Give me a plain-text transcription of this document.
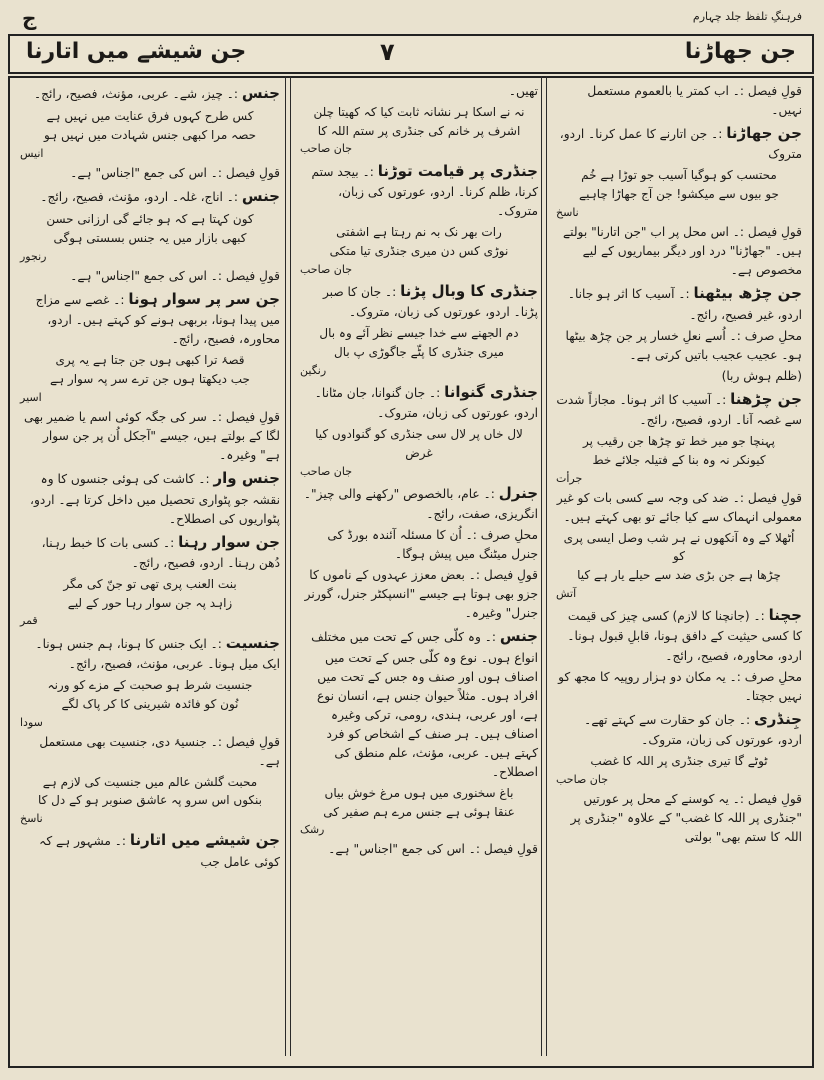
فرہنگِ تلفظ جلد چہارم
ج
جن جھاڑنا
۷
جن شیشے میں اتارنا
قولِ فیصل :۔ اب کمتر یا بالعموم مستعمل نہیں۔
جن جھاڑنا :۔ جن اتارنے کا عمل کرنا۔ اردو، متروک
محتسب کو ہوگیا آسیب جو توڑا ہے خُم
جو بیوں سے میکشو! جن آج جھاڑا چاہیے
ناسخ
قولِ فیصل :۔ اس محل پر اب "جن اتارنا" بولتے ہیں۔ "جھاڑنا" درد اور دیگر بیماریوں کے لیے مخصوص ہے۔
جن چڑھ بیٹھنا :۔ آسیب کا اثر ہو جانا۔ اردو، غیر فصیح، رائج۔
محلِ صرف :۔ اُسے نعلِ خسار پر جن چڑھ بیٹھا ہو۔ عجیب عجیب باتیں کرتی ہے۔
(ظلم ہوش ربا)
جن چڑھنا :۔ آسیب کا اثر ہونا۔ مجازاً شدت سے غصہ آنا۔ اردو، فصیح، رائج۔
پہنچا جو میر خط تو چڑھا جن رقیب پر
کیونکر نہ وہ بنا کے فتیلہ جلائے خط
جرأت
قولِ فیصل :۔ ضد کی وجہ سے کسی بات کو غیر معمولی انہماک سے کیا جائے تو بھی کہتے ہیں۔
اُٹھلا کے وہ آنکھوں نے ہر شب وصل ایسی پری کو
چڑھا ہے جن بڑی ضد سے حیلے یار ہے کیا
آتش
جچنا :۔ (جانچنا کا لازم) کسی چیز کی قیمت کا کسی حیثیت کے دافق ہونا، قابلِ قبول ہونا۔ اردو، محاورہ، فصیح، رائج۔
محلِ صرف :۔ یہ مکان دو ہزار روپیہ کا مجھ کو نہیں جچتا۔
جِنڈری :۔ جان کو حقارت سے کہتے تھے۔ اردو، عورتوں کی زبان، متروک۔
ٹوٹے گا تیری جنڈری پر اللہ کا غضب
جان صاحب
قولِ فیصل :۔ یہ کوسنے کے محل پر عورتیں "جنڈری پر اللہ کا غضب" کے علاوہ "جنڈری پر اللہ کا ستم بھی" بولتی
تھیں۔
نہ نے اسکا ہر نشانہ ثابت کیا کہ کھیتا چلن
اشرف پر خانم کی جنڈری پر ستم اللہ کا
جان صاحب
جنڈری پر قیامت توڑنا :۔ بیجد ستم کرنا، ظلم کرنا۔ اردو، عورتوں کی زبان، متروک۔
رات بھر نک بہ نم رہتا ہے اشفتی
نوڑی کس دن میری جنڈری تیا متکی
جان صاحب
جنڈری کا وبال پڑنا :۔ جان کا صبر پڑنا۔ اردو، عورتوں کی زبان، متروک۔
دم الجھنے سے خدا جیسے نظر آئے وہ بال
میری جنڈری کا پٹّے جاگوڑی پ بال
رنگین
جنڈری گنوانا :۔ جان گنوانا، جان مٹانا۔ اردو، عورتوں کی زبان، متروک۔
لال خاں پر لال سی جنڈری کو گنوادوں کیا غرض
جان صاحب
جنرل :۔ عام، بالخصوص "رکھنے والی چیز"۔ انگریزی، صفت، رائج۔
محلِ صرف :۔ اُن کا مسئلہ آئندہ بورڈ کی جنرل میٹنگ میں پیش ہوگا۔
قولِ فیصل :۔ بعض معزز عہدوں کے ناموں کا جزو بھی ہوتا ہے جیسے "انسپکٹر جنرل، گورنر جنرل" وغیرہ۔
جنس :۔ وہ کلّی جس کے تحت میں مختلف انواع ہوں۔ نوع وہ کلّی جس کے تحت میں اصناف ہوں اور صنف وہ جس کے تحت میں افراد ہوں۔ مثلاً حیوان جنس ہے، انسان نوع ہے، اور عربی، ہندی، رومی، ترکی وغیرہ اصناف ہیں۔ ہر صنف کے اشخاص کو فرد کہتے ہیں۔ عربی، مؤنث، علم منطق کی اصطلاح۔
باغ سخنوری میں ہوں مرغ خوش بیاں
عنقا ہوئی ہے جنس مرے ہم صفیر کی
رشک
قولِ فیصل :۔ اس کی جمع "اجناس" ہے۔
جنس :۔ چیز، شے۔ عربی، مؤنث، فصیح، رائج۔
کس طرح کہوں فرق عنایت میں نہیں ہے
حصہ مرا کبھی جنس شہادت میں نہیں ہو
انیس
قولِ فیصل :۔ اس کی جمع "اجناس" ہے۔
جنس :۔ اناج، غلہ۔ اردو، مؤنث، فصیح، رائج۔
کون کہتا ہے کہ ہو جائے گی ارزانی حسن
کبھی بازار میں یہ جنس بسستی ہوگی
رنجور
قولِ فیصل :۔ اس کی جمع "اجناس" ہے۔
جن سر پر سوار ہونا :۔ غصے سے مزاج میں پیدا ہونا، بربھی ہونے کو کہتے ہیں۔ اردو، محاورہ، فصیح، رائج۔
قصۂ ترا کبھی ہوں جن جتا ہے یہ پری
جب دیکھتا ہوں جن ترے سر پہ سوار ہے
اسیر
قولِ فیصل :۔ سر کی جگہ کوئی اسم یا ضمیر بھی لگا کے بولتے ہیں، جیسے "آجکل اُن پر جن سوار ہے" وغیرہ۔
جنس وار :۔ کاشت کی ہوئی جنسوں کا وہ نقشہ جو پٹواری تحصیل میں داخل کرتا ہے۔ اردو، پٹواریوں کی اصطلاح۔
جن سوار رہنا :۔ کسی بات کا خبط رہنا، دُھن رہنا۔ اردو، فصیح، رائج۔
بنت العنب پری تھی تو جنّ کی مگر
زاہد پہ جن سوار رہا حور کے لیے
قمر
جنسیت :۔ ایک جنس کا ہونا، ہم جنس ہونا۔ ایک میل ہونا۔ عربی، مؤنث، فصیح، رائج۔
جنسیت شرط ہو صحبت کے مزے کو ورنہ
نُون کو فائدہ شیرینی کا کر پاک لگے
سودا
قولِ فیصل :۔ جنسیۂ دی، جنسیت بھی مستعمل ہے۔
محبت گلشن عالم میں جنسیت کی لازم ہے
بنکوں اس سرو پہ عاشق صنوبر ہو کے دل کا
ناسخ
جن شیشے میں اتارنا :۔ مشہور ہے کہ کوئی عامل جب
